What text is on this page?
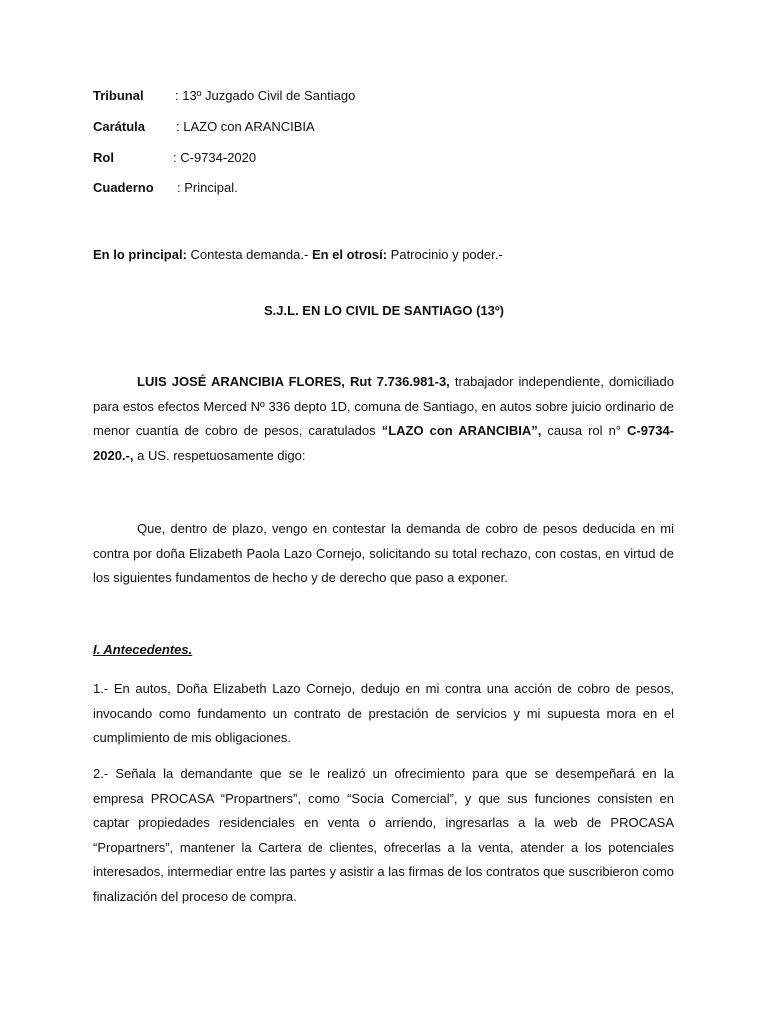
Tribunal : 13º Juzgado Civil de Santiago
Carátula : LAZO con ARANCIBIA
Rol	: C-9734-2020
Cuaderno : Principal.
En lo principal: Contesta demanda.- En el otrosí: Patrocinio y poder.-
S.J.L. EN LO CIVIL DE SANTIAGO (13º)

LUIS JOSÉ ARANCIBIA FLORES, Rut 7.736.981-3, trabajador independiente, domiciliado para estos efectos Merced Nº 336 depto 1D, comuna de Santiago, en autos sobre juicio ordinario de menor cuantía de cobro de pesos, caratulados “LAZO con ARANCIBIA”, causa rol n° C-9734-2020.-, a US. respetuosamente digo:

Que, dentro de plazo, vengo en contestar la demanda de cobro de pesos deducida en mi contra por doña Elizabeth Paola Lazo Cornejo, solicitando su total rechazo, con costas, en virtud de los siguientes fundamentos de hecho y de derecho que paso a exponer.

I. Antecedentes.

1.- En autos, Doña Elizabeth Lazo Cornejo, dedujo en mi contra una acción de cobro de pesos, invocando como fundamento un contrato de prestación de servicios y mi supuesta mora en el cumplimiento de mis obligaciones.

2.- Señala la demandante que se le realizó un ofrecimiento para que se desempeñará en la empresa PROCASA “Propartners”, como “Socia Comercial”, y que sus funciones consisten en captar propiedades residenciales en venta o arriendo, ingresarlas a la web de PROCASA “Propartners”, mantener la Cartera de clientes, ofrecerlas a la venta, atender a los potenciales interesados, intermediar entre las partes y asistir a las firmas de los contratos que suscribieron como finalización del proceso de compra.
